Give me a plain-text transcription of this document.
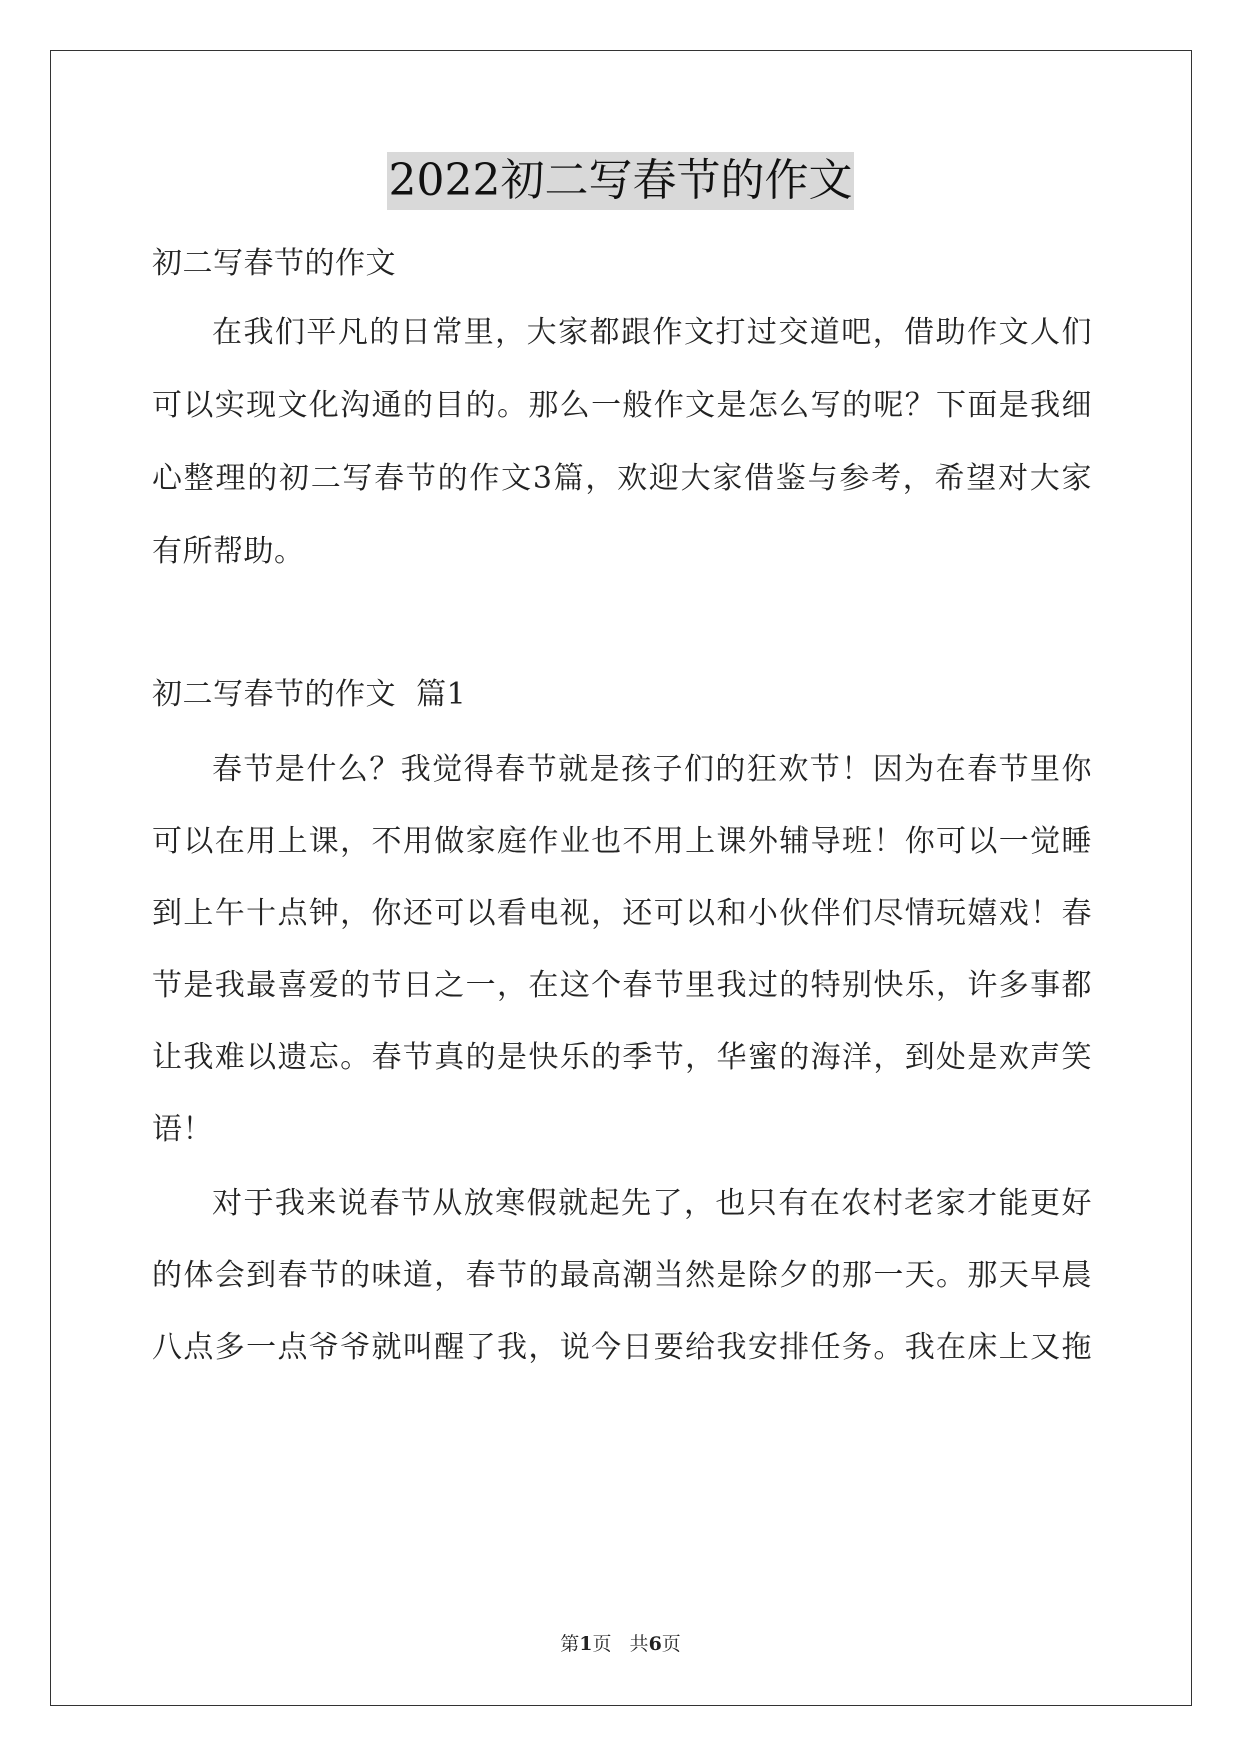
2022初二写春节的作文
初二写春节的作文
在我们平凡的日常里，大家都跟作文打过交道吧，借助作文人们
可以实现文化沟通的目的。那么一般作文是怎么写的呢？下面是我细
心整理的初二写春节的作文3篇，欢迎大家借鉴与参考，希望对大家
有所帮助。
初二写春节的作文  篇1
春节是什么？我觉得春节就是孩子们的狂欢节！因为在春节里你
可以在用上课，不用做家庭作业也不用上课外辅导班！你可以一觉睡
到上午十点钟，你还可以看电视，还可以和小伙伴们尽情玩嬉戏！春
节是我最喜爱的节日之一，在这个春节里我过的特别快乐，许多事都
让我难以遗忘。春节真的是快乐的季节，华蜜的海洋，到处是欢声笑
语！
对于我来说春节从放寒假就起先了，也只有在农村老家才能更好
的体会到春节的味道，春节的最高潮当然是除夕的那一天。那天早晨
八点多一点爷爷就叫醒了我，说今日要给我安排任务。我在床上又拖
第1页   共6页
